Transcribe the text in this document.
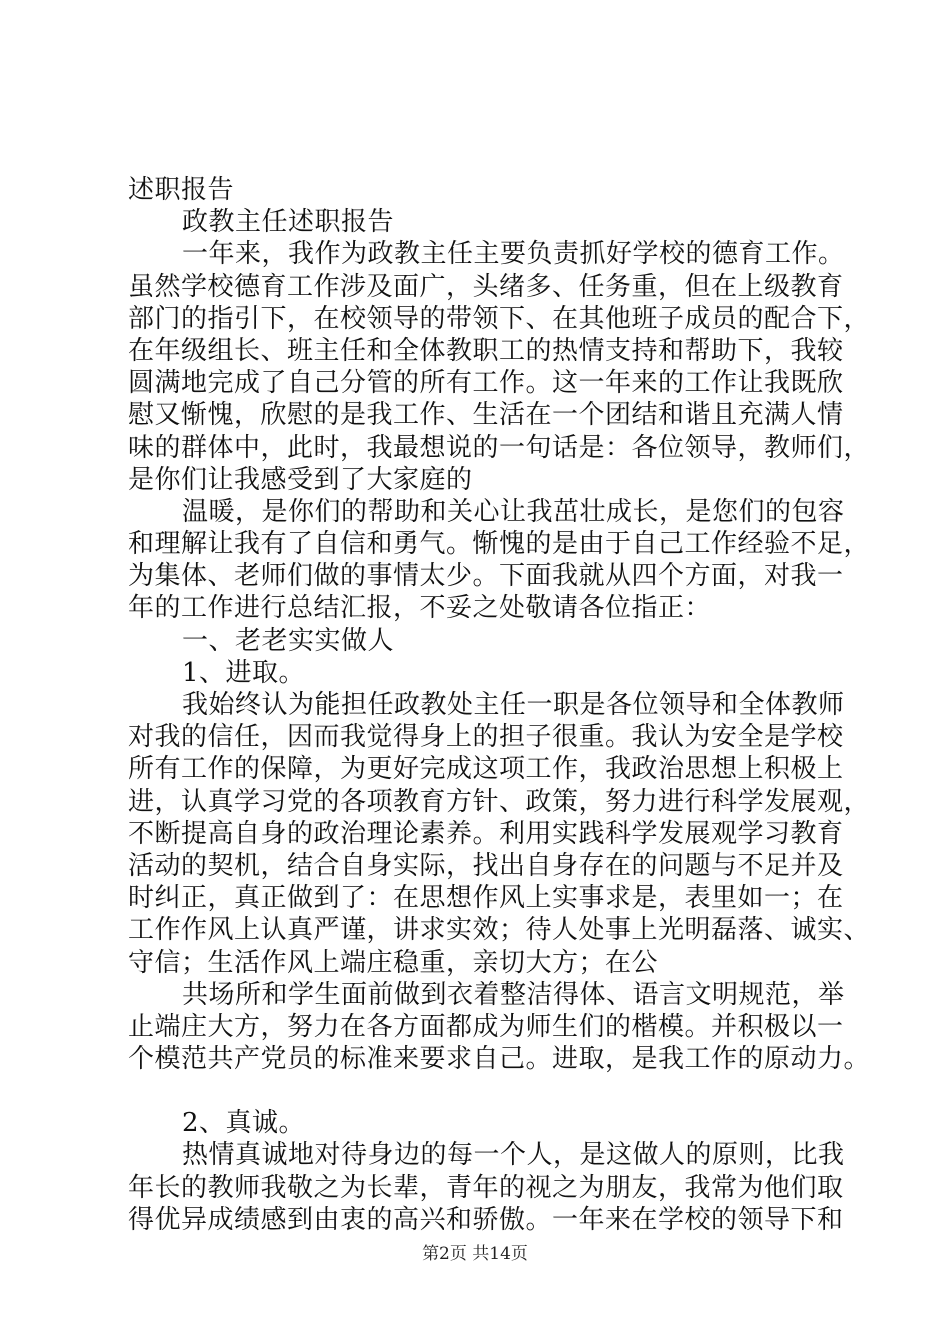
述职报告
政教主任述职报告
一年来，我作为政教主任主要负责抓好学校的德育工作。
虽然学校德育工作涉及面广，头绪多、任务重，但在上级教育
部门的指引下，在校领导的带领下、在其他班子成员的配合下，
在年级组长、班主任和全体教职工的热情支持和帮助下，我较
圆满地完成了自己分管的所有工作。这一年来的工作让我既欣
慰又惭愧，欣慰的是我工作、生活在一个团结和谐且充满人情
味的群体中，此时，我最想说的一句话是：各位领导，教师们，
是你们让我感受到了大家庭的
温暖，是你们的帮助和关心让我茁壮成长，是您们的包容
和理解让我有了自信和勇气。惭愧的是由于自己工作经验不足，
为集体、老师们做的事情太少。下面我就从四个方面，对我一
年的工作进行总结汇报，不妥之处敬请各位指正：
一、老老实实做人
1、进取。
我始终认为能担任政教处主任一职是各位领导和全体教师
对我的信任，因而我觉得身上的担子很重。我认为安全是学校
所有工作的保障，为更好完成这项工作，我政治思想上积极上
进，认真学习党的各项教育方针、政策，努力进行科学发展观，
不断提高自身的政治理论素养。利用实践科学发展观学习教育
活动的契机，结合自身实际，找出自身存在的问题与不足并及
时纠正，真正做到了：在思想作风上实事求是，表里如一；在
工作作风上认真严谨，讲求实效；待人处事上光明磊落、诚实、
守信；生活作风上端庄稳重，亲切大方；在公
共场所和学生面前做到衣着整洁得体、语言文明规范，举
止端庄大方，努力在各方面都成为师生们的楷模。并积极以一
个模范共产党员的标准来要求自己。进取，是我工作的原动力。
2、真诚。
热情真诚地对待身边的每一个人，是这做人的原则，比我
年长的教师我敬之为长辈，青年的视之为朋友，我常为他们取
得优异成绩感到由衷的高兴和骄傲。一年来在学校的领导下和
第2页 共14页
